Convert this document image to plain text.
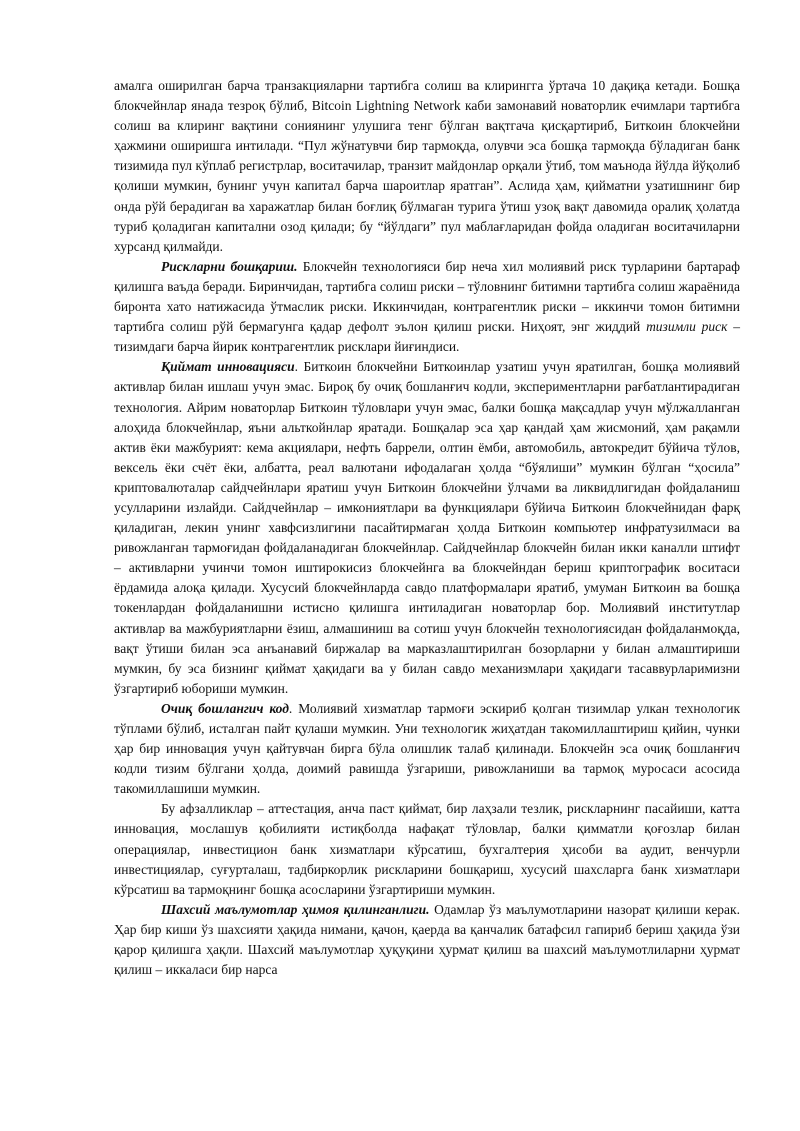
амалга оширилган барча транзакцияларни тартибга солиш ва клирингга ўртача 10 дақиқа кетади. Бошқа блокчейнлар янада тезроқ бўлиб, Bitcoin Lightning Network каби замонавий новаторлик ечимлари тартибга солиш ва клиринг вақтини сониянинг улушига тенг бўлган вақтгача қисқартириб, Биткоин блокчейни ҳажмини оширишга интилади. “Пул жўнатувчи бир тармоқда, олувчи эса бошқа тармоқда бўладиган банк тизимида пул кўплаб регистрлар, воситачилар, транзит майдонлар орқали ўтиб, том маънода йўлда йўқолиб қолиши мумкин, бунинг учун капитал барча шароитлар яратган”. Аслида ҳам, қийматни узатишнинг бир онда рўй берадиган ва харажатлар билан боғлиқ бўлмаган турига ўтиш узоқ вақт давомида оралиқ ҳолатда туриб қоладиган капитални озод қилади; бу “йўлдаги” пул маблағларидан фойда оладиган воситачиларни хурсанд қилмайди.

Рискларни бошқариш. Блокчейн технологияси бир неча хил молиявий риск турларини бартараф қилишга ваъда беради. Биринчидан, тартибга солиш риски – тўловнинг битимни тартибга солиш жараёнида биронта хато натижасида ўтмаслик риски. Иккинчидан, контрагентлик риски – иккинчи томон битимни тартибга солиш рўй бермагунга қадар дефолт эълон қилиш риски. Ниҳоят, энг жиддий тизимли риск – тизимдаги барча йирик контрагентлик рисклари йиғиндиси.

Қиймат инновацияси. Биткоин блокчейни Биткоинлар узатиш учун яратилган, бошқа молиявий активлар билан ишлаш учун эмас. Бироқ бу очиқ бошланғич кодли, экспериментларни рағбатлантирадиган технология. Айрим новаторлар Биткоин тўловлари учун эмас, балки бошқа мақсадлар учун мўлжалланган алоҳида блокчейнлар, яъни альткойнлар яратади. Бошқалар эса ҳар қандай ҳам жисмоний, ҳам рақамли актив ёки мажбурият: кема акциялари, нефть баррели, олтин ёмби, автомобиль, автокредит бўйича тўлов, вексель ёки счёт ёки, албатта, реал валютани ифодалаган ҳолда “бўялиши” мумкин бўлган “ҳосила” криптовалюталар сайдчейнлари яратиш учун Биткоин блокчейни ўлчами ва ликвидлигидан фойдаланиш усулларини излайди. Сайдчейнлар – имкониятлари ва функциялари бўйича Биткоин блокчейнидан фарқ қиладиган, лекин унинг хавфсизлигини пасайтирмаган ҳолда Биткоин компьютер инфратузилмаси ва ривожланган тармоғидан фойдаланадиган блокчейнлар. Сайдчейнлар блокчейн билан икки каналли штифт – активларни учинчи томон иштирокисиз блокчейнга ва блокчейндан бериш криптографик воситаси ёрдамида алоқа қилади. Хусусий блокчейнларда савдо платформалари яратиб, умуман Биткоин ва бошқа токенлардан фойдаланишни истисно қилишга интиладиган новаторлар бор. Молиявий институтлар активлар ва мажбуриятларни ёзиш, алмашиниш ва сотиш учун блокчейн технологиясидан фойдаланмоқда, вақт ўтиши билан эса анъанавий биржалар ва марказлаштирилган бозорларни у билан алмаштириши мумкин, бу эса бизнинг қиймат ҳақидаги ва у билан савдо механизмлари ҳақидаги тасаввурларимизни ўзгартириб юбориши мумкин.

Очиқ бошлангич код. Молиявий хизматлар тармоғи эскириб қолган тизимлар улкан технологик тўплами бўлиб, исталган пайт қулаши мумкин. Уни технологик жиҳатдан такомиллаштириш қийин, чунки ҳар бир инновация учун қайтувчан бирга бўла олишлик талаб қилинади. Блокчейн эса очиқ бошланғич кодли тизим бўлгани ҳолда, доимий равишда ўзгариши, ривожланиши ва тармоқ муросаси асосида такомиллашиши мумкин.

Бу афзалликлар – аттестация, анча паст қиймат, бир лаҳзали тезлик, рискларнинг пасайиши, катта инновация, мослашув қобилияти истиқболда нафақат тўловлар, балки қимматли қоғозлар билан операциялар, инвестицион банк хизматлари кўрсатиш, бухгалтерия ҳисоби ва аудит, венчурли инвестициялар, суғурталаш, тадбиркорлик рискларини бошқариш, хусусий шахсларга банк хизматлари кўрсатиш ва тармоқнинг бошқа асосларини ўзгартириши мумкин.

Шахсий маълумотлар ҳимоя қилинганлиги. Одамлар ўз маълумотларини назорат қилиши керак. Ҳар бир киши ўз шахсияти ҳақида нимани, қачон, қаерда ва қанчалик батафсил гапириб бериш ҳақида ўзи қарор қилишга ҳақли. Шахсий маълумотлар ҳуқуқини ҳурмат қилиш ва шахсий маълумотлиларни ҳурмат қилиш – иккаласи бир нарса
